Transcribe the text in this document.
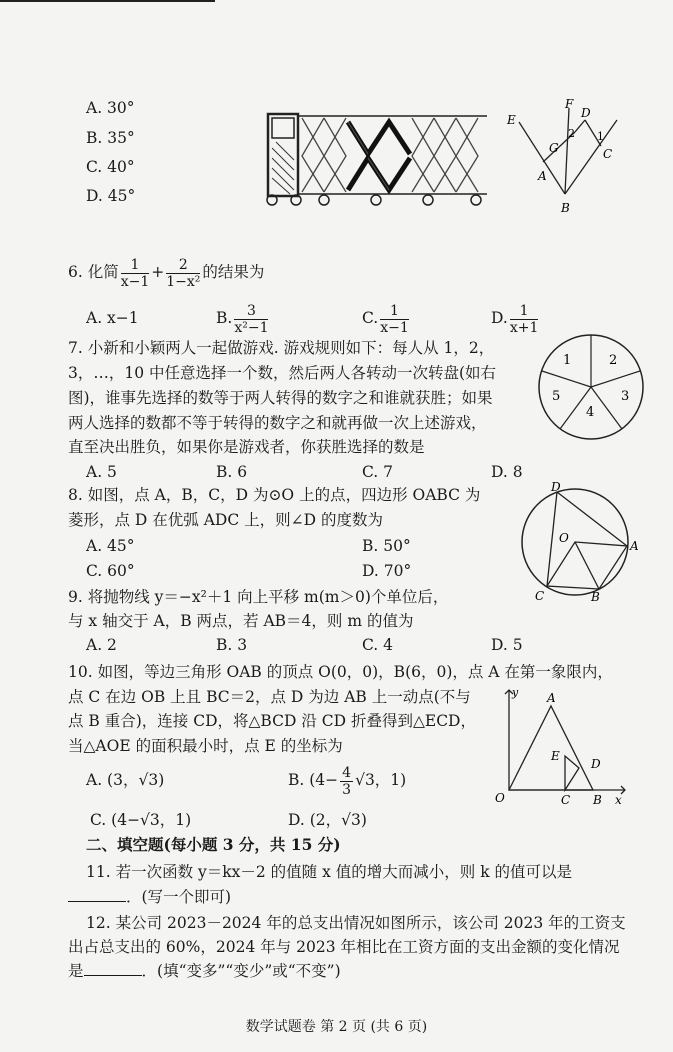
A. 30°
B. 35°
C. 40°
D. 45°
E
F
D
G
2 1
C
A
B
6. 化简 $\frac{1}{x-1} + \frac{2}{\text{1−x²}}$ 的结果为
A. x−1	B. $\frac{3}{\text{x²−1}}$	C. $\frac{1}{x-1}$	D. $\frac{1}{x+1}$
7. 小新和小颖两人一起做游戏. 游戏规则如下：每人从 1，2，
3，…，10 中任意选择一个数，然后两人各转动一次转盘(如右
图)，谁事先选择的数等于两人转得的数字之和谁就获胜；如果
两人选择的数都不等于转得的数字之和就再做一次上述游戏，
直至决出胜负，如果你是游戏者，你获胜选择的数是
A. 5	B. 6	C. 7	D. 8
1	2
3
4
5
8. 如图，点 A，B，C，D 为⊙O 上的点，四边形 OABC 为
菱形，点 D 在优弧 ADC 上，则∠D 的度数为
A. 45°	B. 50°
C. 60°	D. 70°
D
O
A
C	B
9. 将抛物线 y＝−x²＋1 向上平移 m(m＞0)个单位后，
与 x 轴交于 A，B 两点，若 AB＝4，则 m 的值为
A. 2	B. 3	C. 4	D. 5
10. 如图，等边三角形 OAB 的顶点 O(0，0)，B(6，0)，点 A 在第一象限内，
点 C 在边 OB 上且 BC＝2，点 D 为边 AB 上一动点(不与
点 B 重合)，连接 CD，将△BCD 沿 CD 折叠得到△ECD，
当△AOE 的面积最小时，点 E 的坐标为
A. (3，√3)	B. ($4- \frac{4}{3} √3$，1)
C. (4−√3，1)	D. (2，√3)
y A
E
D
O	C B x
二、填空题(每小题 3 分，共 15 分)
11. 若一次函数 y＝kx－2 的值随 x 值的增大而减小，则 k 的值可以是
．(写一个即可)
12. 某公司 2023－2024 年的总支出情况如图所示，该公司 2023 年的工资支
出占总支出的 60%，2024 年与 2023 年相比在工资方面的支出金额的变化情况
是	．(填“变多”“变少”或“不变”)
数学试题卷 第 2 页 (共 6 页)
